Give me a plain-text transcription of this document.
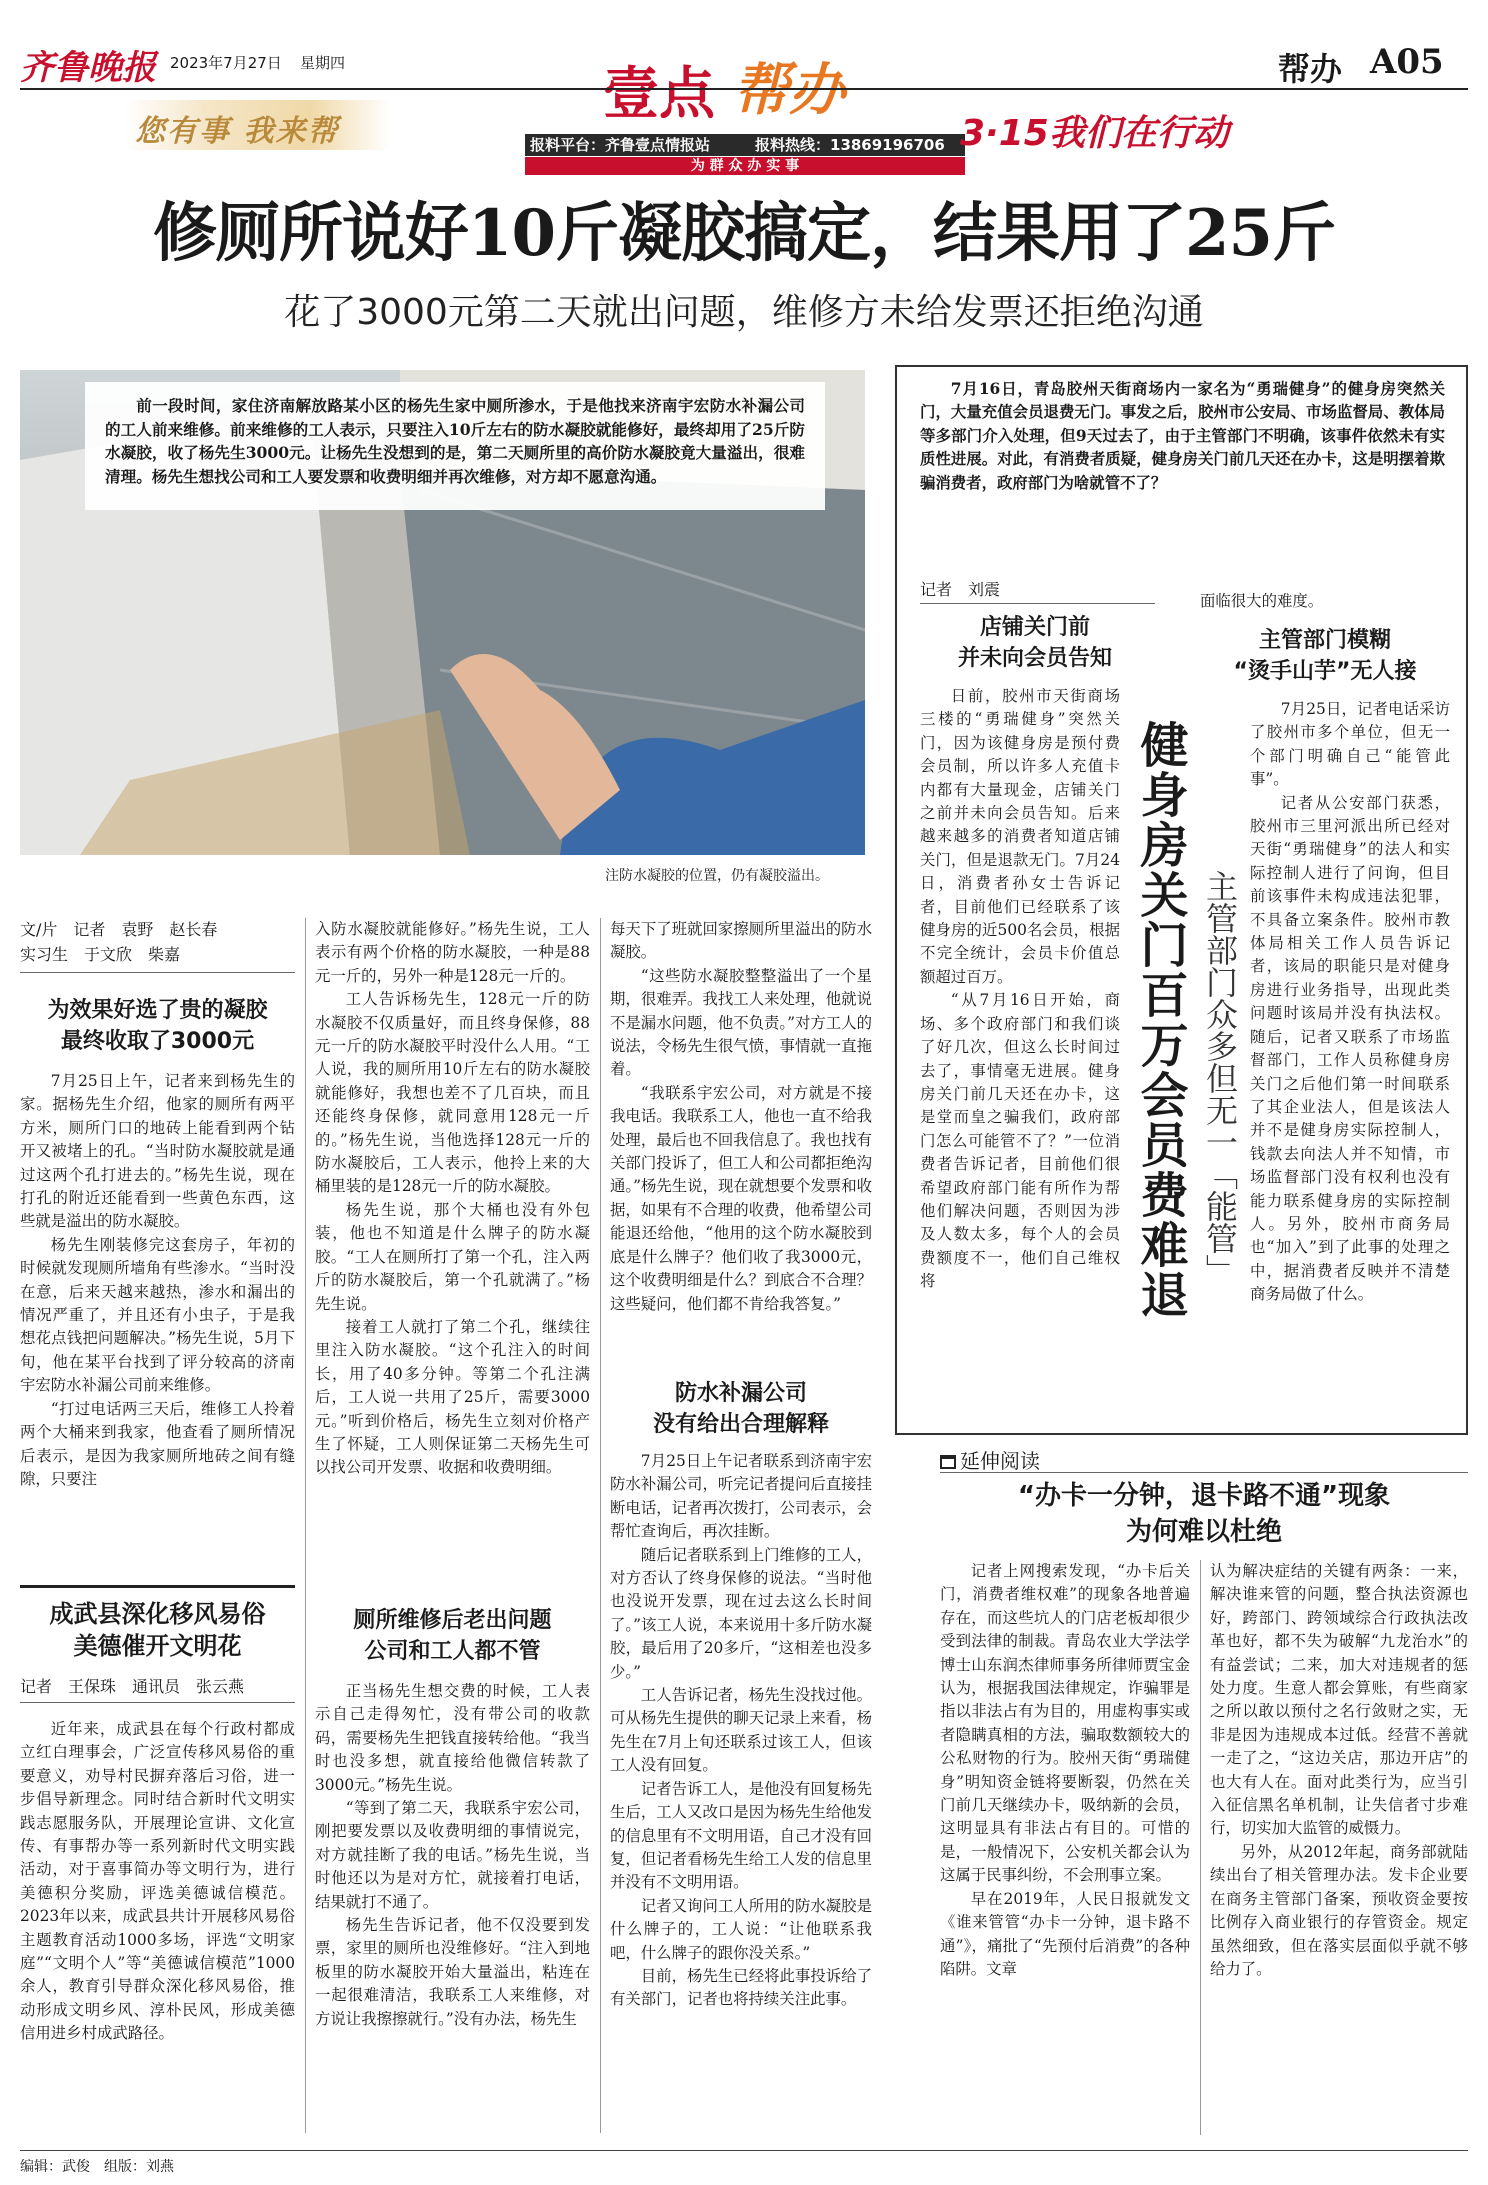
齐鲁晚报 2023年7月27日 星期四
您有事 我来帮
壹点 帮办
报料平台：齐鲁壹点情报站	报料热线：13869196706
为 群 众 办 实 事
3·15我们在行动
帮办 A05
修厕所说好10斤凝胶搞定，结果用了25斤
花了3000元第二天就出问题，维修方未给发票还拒绝沟通

前一段时间，家住济南解放路某小区的杨先生家中厕所渗水，于是他找来济南宇宏防水补漏公司的工人前来维修。前来维修的工人表示，只要注入10斤左右的防水凝胶就能修好，最终却用了25斤防水凝胶，收了杨先生3000元。让杨先生没想到的是，第二天厕所里的高价防水凝胶竟大量溢出，很难清理。杨先生想找公司和工人要发票和收费明细并再次维修，对方却不愿意沟通。

注防水凝胶的位置，仍有凝胶溢出。
文/片　记者　袁野　赵长春
实习生　于文欣　柴嘉
为效果好选了贵的凝胶
最终收取了3000元

7月25日上午，记者来到杨先生的家。据杨先生介绍，他家的厕所有两平方米，厕所门口的地砖上能看到两个钻开又被堵上的孔。“当时防水凝胶就是通过这两个孔打进去的。”杨先生说，现在打孔的附近还能看到一些黄色东西，这些就是溢出的防水凝胶。

杨先生刚装修完这套房子，年初的时候就发现厕所墙角有些渗水。“当时没在意，后来天越来越热，渗水和漏出的情况严重了，并且还有小虫子，于是我想花点钱把问题解决。”杨先生说，5月下旬，他在某平台找到了评分较高的济南宇宏防水补漏公司前来维修。

“打过电话两三天后，维修工人拎着两个大桶来到我家，他查看了厕所情况后表示，是因为我家厕所地砖之间有缝隙，只要注

成武县深化移风易俗
美德催开文明花
记者　王保珠　通讯员　张云燕

近年来，成武县在每个行政村都成立红白理事会，广泛宣传移风易俗的重要意义，劝导村民摒弃落后习俗，进一步倡导新理念。同时结合新时代文明实践志愿服务队，开展理论宣讲、文化宣传、有事帮办等一系列新时代文明实践活动，对于喜事简办等文明行为，进行美德积分奖励，评选美德诚信模范。2023年以来，成武县共计开展移风易俗主题教育活动1000多场，评选“文明家庭”“文明个人”等“美德诚信模范”1000余人，教育引导群众深化移风易俗，推动形成文明乡风、淳朴民风，形成美德信用进乡村成武路径。

入防水凝胶就能修好。”杨先生说，工人表示有两个价格的防水凝胶，一种是88元一斤的，另外一种是128元一斤的。

工人告诉杨先生，128元一斤的防水凝胶不仅质量好，而且终身保修，88元一斤的防水凝胶平时没什么人用。“工人说，我的厕所用10斤左右的防水凝胶就能修好，我想也差不了几百块，而且还能终身保修，就同意用128元一斤的。”杨先生说，当他选择128元一斤的防水凝胶后，工人表示，他拎上来的大桶里装的是128元一斤的防水凝胶。

杨先生说，那个大桶也没有外包装，他也不知道是什么牌子的防水凝胶。“工人在厕所打了第一个孔，注入两斤的防水凝胶后，第一个孔就满了。”杨先生说。

接着工人就打了第二个孔，继续往里注入防水凝胶。“这个孔注入的时间长，用了40多分钟。等第二个孔注满后，工人说一共用了25斤，需要3000元。”听到价格后，杨先生立刻对价格产生了怀疑，工人则保证第二天杨先生可以找公司开发票、收据和收费明细。

厕所维修后老出问题
公司和工人都不管

正当杨先生想交费的时候，工人表示自己走得匆忙，没有带公司的收款码，需要杨先生把钱直接转给他。“我当时也没多想，就直接给他微信转款了3000元。”杨先生说。

“等到了第二天，我联系宇宏公司，刚把要发票以及收费明细的事情说完，对方就挂断了我的电话。”杨先生说，当时他还以为是对方忙，就接着打电话，结果就打不通了。

杨先生告诉记者，他不仅没要到发票，家里的厕所也没维修好。“注入到地板里的防水凝胶开始大量溢出，粘连在一起很难清洁，我联系工人来维修，对方说让我擦擦就行。”没有办法，杨先生

每天下了班就回家擦厕所里溢出的防水凝胶。

“这些防水凝胶整整溢出了一个星期，很难弄。我找工人来处理，他就说不是漏水问题，他不负责。”对方工人的说法，令杨先生很气愤，事情就一直拖着。

“我联系宇宏公司，对方就是不接我电话。我联系工人，他也一直不给我处理，最后也不回我信息了。我也找有关部门投诉了，但工人和公司都拒绝沟通。”杨先生说，现在就想要个发票和收据，如果有不合理的收费，他希望公司能退还给他，“他用的这个防水凝胶到底是什么牌子？他们收了我3000元，这个收费明细是什么？到底合不合理？这些疑问，他们都不肯给我答复。”

防水补漏公司
没有给出合理解释

7月25日上午记者联系到济南宇宏防水补漏公司，听完记者提问后直接挂断电话，记者再次拨打，公司表示，会帮忙查询后，再次挂断。

随后记者联系到上门维修的工人，对方否认了终身保修的说法。“当时他也没说开发票，现在过去这么长时间了。”该工人说，本来说用十多斤防水凝胶，最后用了20多斤，“这相差也没多少。”

工人告诉记者，杨先生没找过他。可从杨先生提供的聊天记录上来看，杨先生在7月上旬还联系过该工人，但该工人没有回复。

记者告诉工人，是他没有回复杨先生后，工人又改口是因为杨先生给他发的信息里有不文明用语，自己才没有回复，但记者看杨先生给工人发的信息里并没有不文明用语。

记者又询问工人所用的防水凝胶是什么牌子的，工人说：“让他联系我吧，什么牌子的跟你没关系。”

目前，杨先生已经将此事投诉给了有关部门，记者也将持续关注此事。

7月16日，青岛胶州天街商场内一家名为“勇瑞健身”的健身房突然关门，大量充值会员退费无门。事发之后，胶州市公安局、市场监督局、教体局等多部门介入处理，但9天过去了，由于主管部门不明确，该事件依然未有实质性进展。对此，有消费者质疑，健身房关门前几天还在办卡，这是明摆着欺骗消费者，政府部门为啥就管不了？

记者　刘震
店铺关门前
并未向会员告知

日前，胶州市天街商场三楼的“勇瑞健身”突然关门，因为该健身房是预付费会员制，所以许多人充值卡内都有大量现金，店铺关门之前并未向会员告知。后来越来越多的消费者知道店铺关门，但是退款无门。7月24日，消费者孙女士告诉记者，目前他们已经联系了该健身房的近500名会员，根据不完全统计，会员卡价值总额超过百万。

“从7月16日开始，商场、多个政府部门和我们谈了好几次，但这么长时间过去了，事情毫无进展。健身房关门前几天还在办卡，这是堂而皇之骗我们，政府部门怎么可能管不了？”一位消费者告诉记者，目前他们很希望政府部门能有所作为帮他们解决问题，否则因为涉及人数太多，每个人的会员费额度不一，他们自己维权将	健身房关门百万会员费难退 主管部门众多但无一「能管」

面临很大的难度。

主管部门模糊
“烫手山芋”无人接

7月25日，记者电话采访了胶州市多个单位，但无一个部门明确自己“能管此事”。

记者从公安部门获悉，胶州市三里河派出所已经对天街“勇瑞健身”的法人和实际控制人进行了问询，但目前该事件未构成违法犯罪，不具备立案条件。胶州市教体局相关工作人员告诉记者，该局的职能只是对健身房进行业务指导，出现此类问题时该局并没有执法权。随后，记者又联系了市场监督部门，工作人员称健身房关门之后他们第一时间联系了其企业法人，但是该法人并不是健身房实际控制人，钱款去向法人并不知情，市场监督部门没有权利也没有能力联系健身房的实际控制人。另外，胶州市商务局也“加入”到了此事的处理之中，据消费者反映并不清楚商务局做了什么。

延伸阅读
“办卡一分钟，退卡路不通”现象
为何难以杜绝

记者上网搜索发现，“办卡后关门，消费者维权难”的现象各地普遍存在，而这些坑人的门店老板却很少受到法律的制裁。青岛农业大学法学博士山东润杰律师事务所律师贾宝金认为，根据我国法律规定，诈骗罪是指以非法占有为目的，用虚构事实或者隐瞒真相的方法，骗取数额较大的公私财物的行为。胶州天街“勇瑞健身”明知资金链将要断裂，仍然在关门前几天继续办卡，吸纳新的会员，这明显具有非法占有目的。可惜的是，一般情况下，公安机关都会认为这属于民事纠纷，不会刑事立案。

早在2019年，人民日报就发文《谁来管管“办卡一分钟，退卡路不通”》，痛批了“先预付后消费”的各种陷阱。文章

认为解决症结的关键有两条：一来，解决谁来管的问题，整合执法资源也好，跨部门、跨领域综合行政执法改革也好，都不失为破解“九龙治水”的有益尝试；二来，加大对违规者的惩处力度。生意人都会算账，有些商家之所以敢以预付之名行敛财之实，无非是因为违规成本过低。经营不善就一走了之，“这边关店，那边开店”的也大有人在。面对此类行为，应当引入征信黑名单机制，让失信者寸步难行，切实加大监管的威慑力。

另外，从2012年起，商务部就陆续出台了相关管理办法。发卡企业要在商务主管部门备案，预收资金要按比例存入商业银行的存管资金。规定虽然细致，但在落实层面似乎就不够给力了。

编辑：武俊　组版：刘燕
